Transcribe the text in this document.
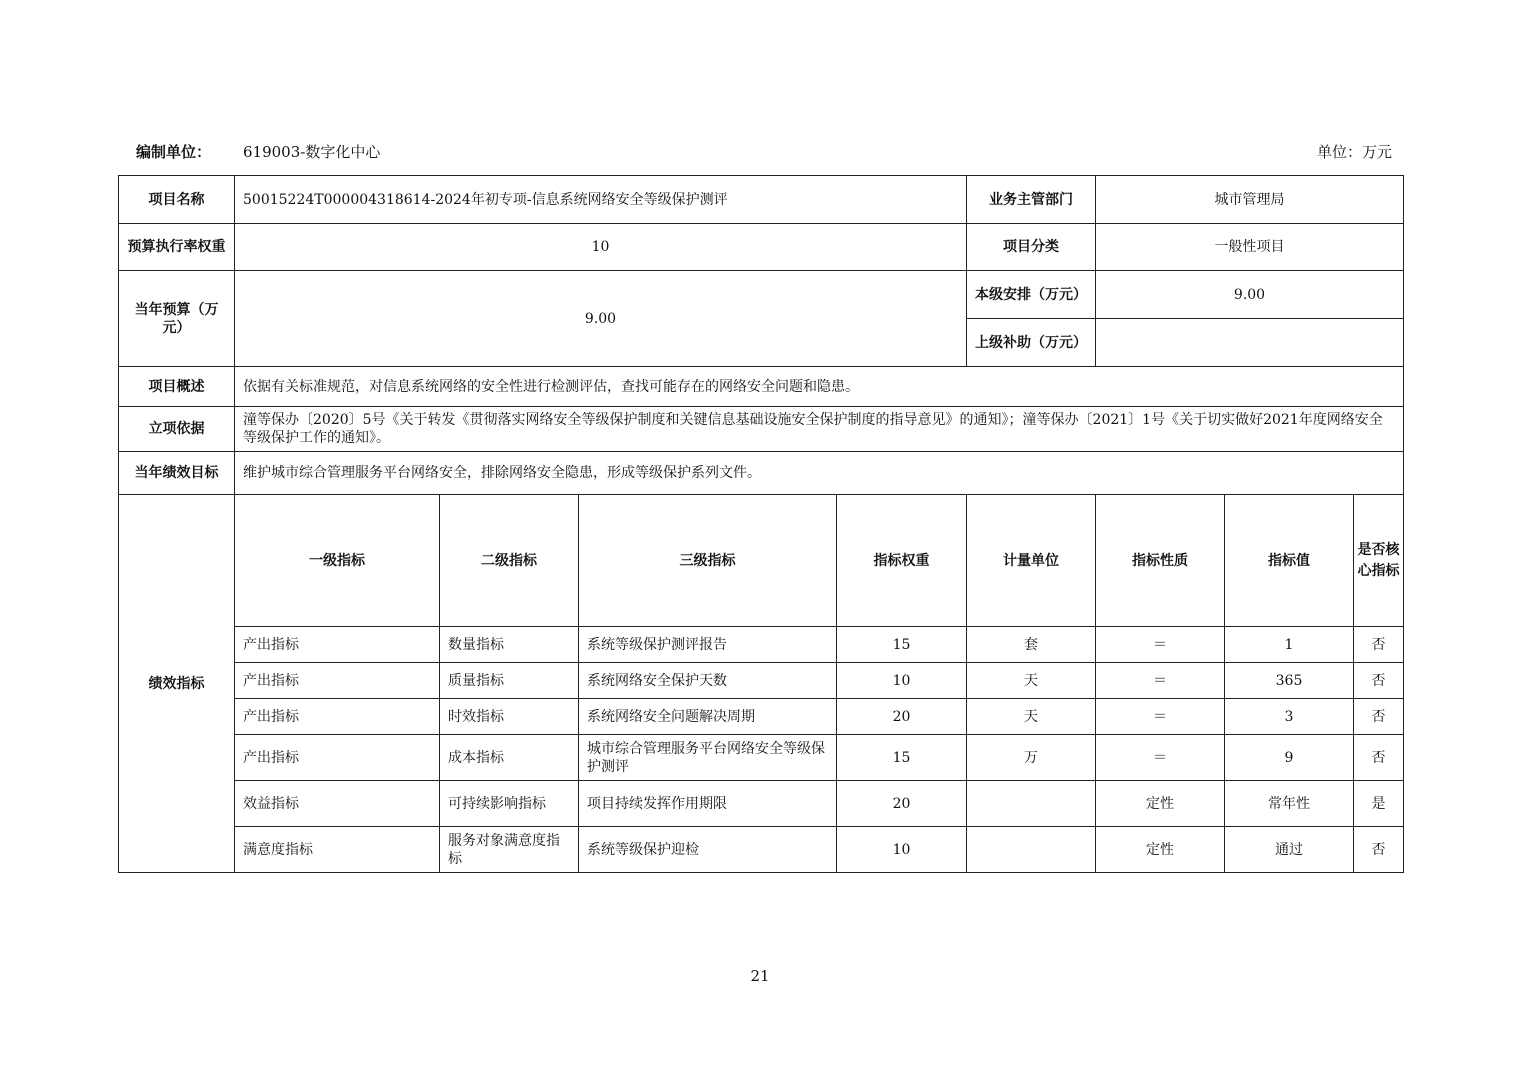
编制单位： 619003-数字化中心	单位：万元
项目名称	50015224T000004318614-2024年初专项-信息系统网络安全等级保护测评				业务主管部门	城市管理局		
预算执行率权重	10				项目分类	一般性项目		
当年预算（万元）	9.00				本级安排（万元）	9.00		
					上级补助（万元）			
项目概述	依据有关标准规范，对信息系统网络的安全性进行检测评估，查找可能存在的网络安全问题和隐患。							
立项依据	潼等保办〔2020〕5号《关于转发《贯彻落实网络安全等级保护制度和关键信息基础设施安全保护制度的指导意见》的通知》；潼等保办〔2021〕1号《关于切实做好2021年度网络安全等级保护工作的通知》。							
当年绩效目标	维护城市综合管理服务平台网络安全，排除网络安全隐患，形成等级保护系列文件。							
绩效指标	一级指标	二级指标	三级指标	指标权重	计量单位	指标性质	指标值	是否核心指标
	产出指标	数量指标	系统等级保护测评报告	15	套	＝	1	否
	产出指标	质量指标	系统网络安全保护天数	10	天	＝	365	否
	产出指标	时效指标	系统网络安全问题解决周期	20	天	＝	3	否
	产出指标	成本指标	城市综合管理服务平台网络安全等级保护测评	15	万	＝	9	否
	效益指标	可持续影响指标	项目持续发挥作用期限	20		定性	常年性	是
	满意度指标	服务对象满意度指标	系统等级保护迎检	10		定性	通过	否
21
